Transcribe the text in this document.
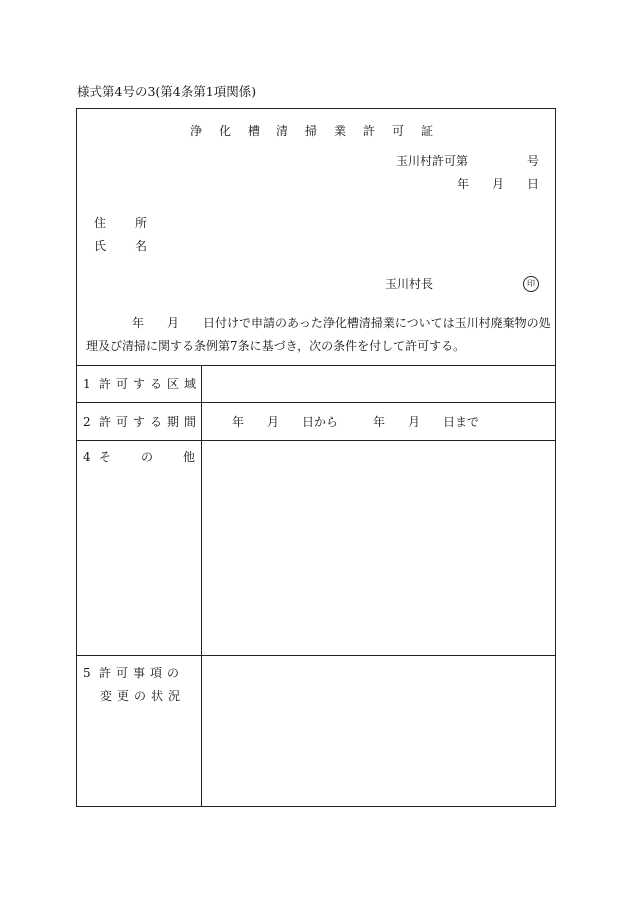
様式第4号の3(第4条第1項関係)
浄 化 槽 清 掃 業 許 可 証
玉川村許可第	号
年 月 日
住 所
氏 名
玉川村長	印
年 月 日付けで申請のあった浄化槽清掃業については玉川村廃棄物の処
理及び清掃に関する条例第7条に基づき，次の条件を付して許可する。
1 許可する区域
2 許可する期間	年 月 日から	年 月 日まで
4 そ の 他
5 許可事項の
変更の状況
